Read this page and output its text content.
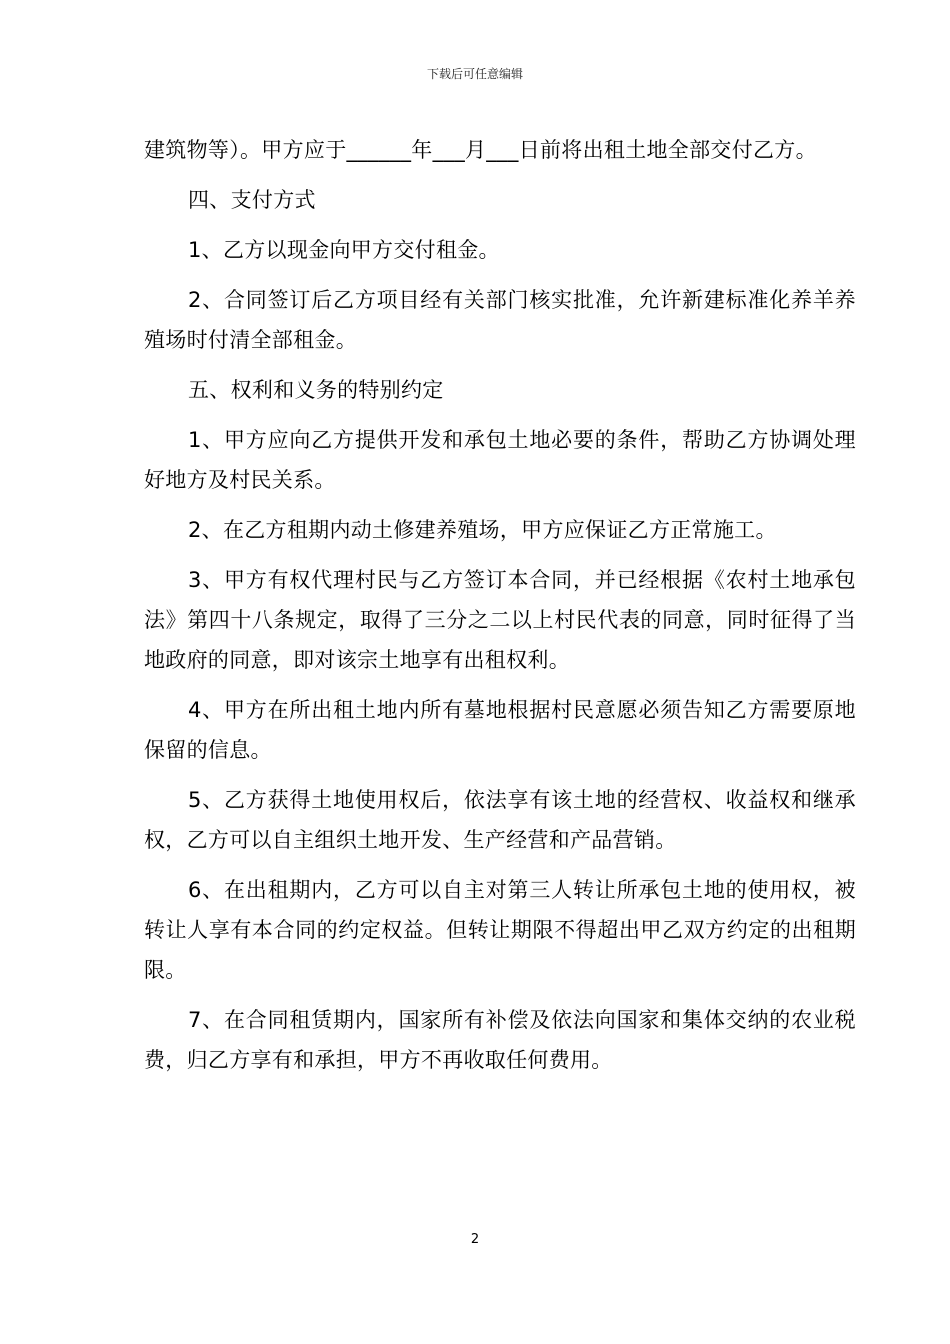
下载后可任意编辑

建筑物等）。甲方应于______年___月___日前将出租土地全部交付乙方。

四、支付方式

1、乙方以现金向甲方交付租金。

2、合同签订后乙方项目经有关部门核实批准，允许新建标准化养羊养殖场时付清全部租金。

五、权利和义务的特别约定

1、甲方应向乙方提供开发和承包土地必要的条件，帮助乙方协调处理好地方及村民关系。

2、在乙方租期内动土修建养殖场，甲方应保证乙方正常施工。

3、甲方有权代理村民与乙方签订本合同，并已经根据《农村土地承包法》第四十八条规定，取得了三分之二以上村民代表的同意，同时征得了当地政府的同意，即对该宗土地享有出租权利。

4、甲方在所出租土地内所有墓地根据村民意愿必须告知乙方需要原地保留的信息。

5、乙方获得土地使用权后，依法享有该土地的经营权、收益权和继承权，乙方可以自主组织土地开发、生产经营和产品营销。

6、在出租期内，乙方可以自主对第三人转让所承包土地的使用权，被转让人享有本合同的约定权益。但转让期限不得超出甲乙双方约定的出租期限。

7、在合同租赁期内，国家所有补偿及依法向国家和集体交纳的农业税费，归乙方享有和承担，甲方不再收取任何费用。

2
